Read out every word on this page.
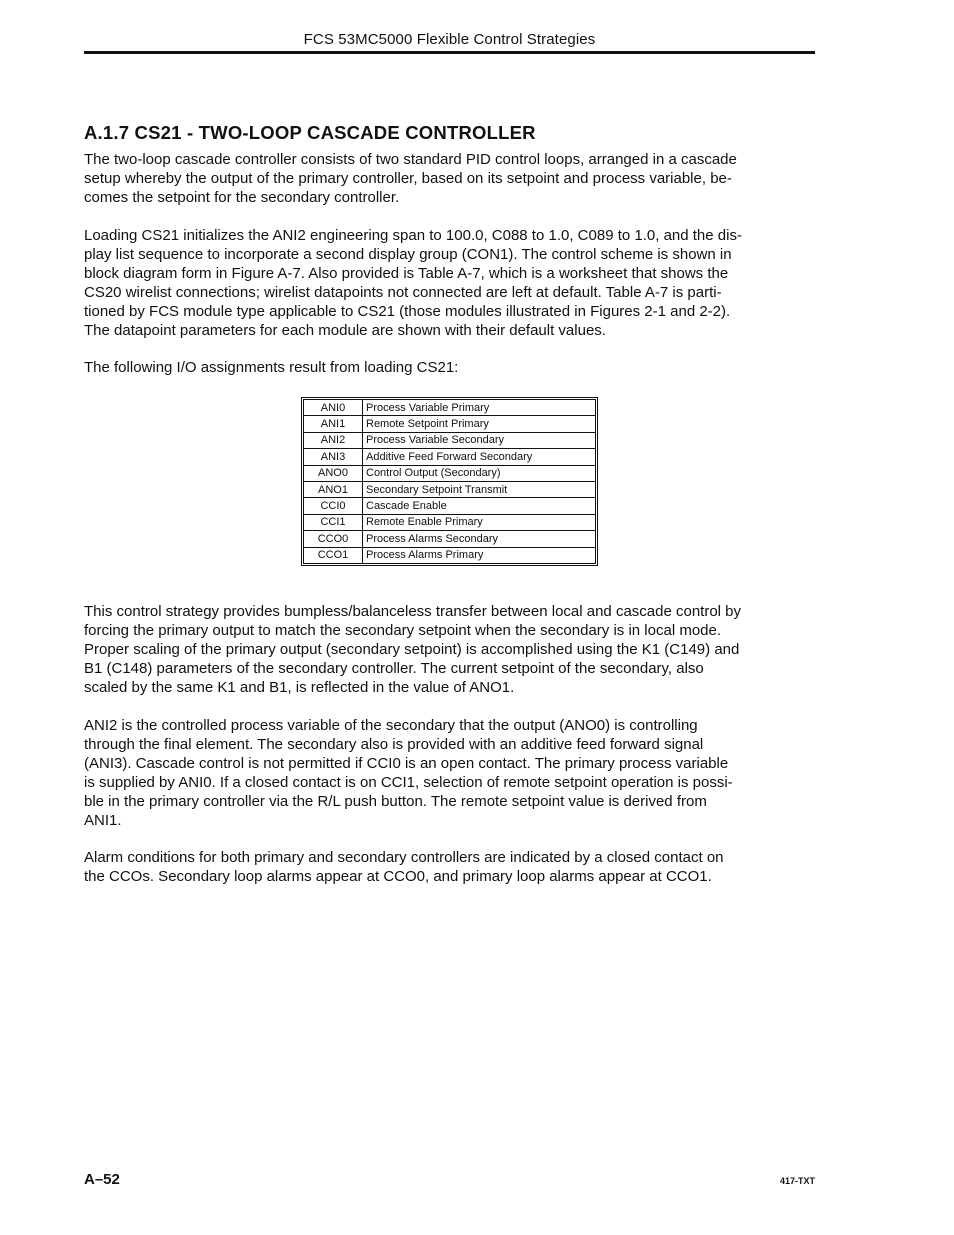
FCS 53MC5000 Flexible Control Strategies
A.1.7 CS21 - TWO-LOOP CASCADE CONTROLLER
The two-loop cascade controller consists of two standard PID control loops, arranged in a cascade
setup whereby the output of the primary controller, based on its setpoint and process variable, be-
comes the setpoint for the secondary controller.
Loading CS21 initializes the ANI2 engineering span to 100.0, C088 to 1.0, C089 to 1.0, and the dis-
play list sequence to incorporate a second display group (CON1). The control scheme is shown in
block diagram form in Figure A-7. Also provided is Table A-7, which is a worksheet that shows the
CS20 wirelist connections; wirelist datapoints not connected are left at default. Table A-7 is parti-
tioned by FCS module type applicable to CS21 (those modules illustrated in Figures 2-1 and 2-2).
The datapoint parameters for each module are shown with their default values.
The following I/O assignments result from loading CS21:
ANI0	Process Variable Primary
ANI1	Remote Setpoint Primary
ANI2	Process Variable Secondary
ANI3	Additive Feed Forward Secondary
ANO0	Control Output (Secondary)
ANO1	Secondary Setpoint Transmit
CCI0	Cascade Enable
CCI1	Remote Enable Primary
CCO0	Process Alarms Secondary
CCO1	Process Alarms Primary
This control strategy provides bumpless/balanceless transfer between local and cascade control by
forcing the primary output to match the secondary setpoint when the secondary is in local mode.
Proper scaling of the primary output (secondary setpoint) is accomplished using the K1 (C149) and
B1 (C148) parameters of the secondary controller. The current setpoint of the secondary, also
scaled by the same K1 and B1, is reflected in the value of ANO1.
ANI2 is the controlled process variable of the secondary that the output (ANO0) is controlling
through the final element. The secondary also is provided with an additive feed forward signal
(ANI3). Cascade control is not permitted if CCI0 is an open contact. The primary process variable
is supplied by ANI0. If a closed contact is on CCI1, selection of remote setpoint operation is possi-
ble in the primary controller via the R/L push button. The remote setpoint value is derived from
ANI1.
Alarm conditions for both primary and secondary controllers are indicated by a closed contact on
the CCOs. Secondary loop alarms appear at CCO0, and primary loop alarms appear at CCO1.
A–52	417-TXT
